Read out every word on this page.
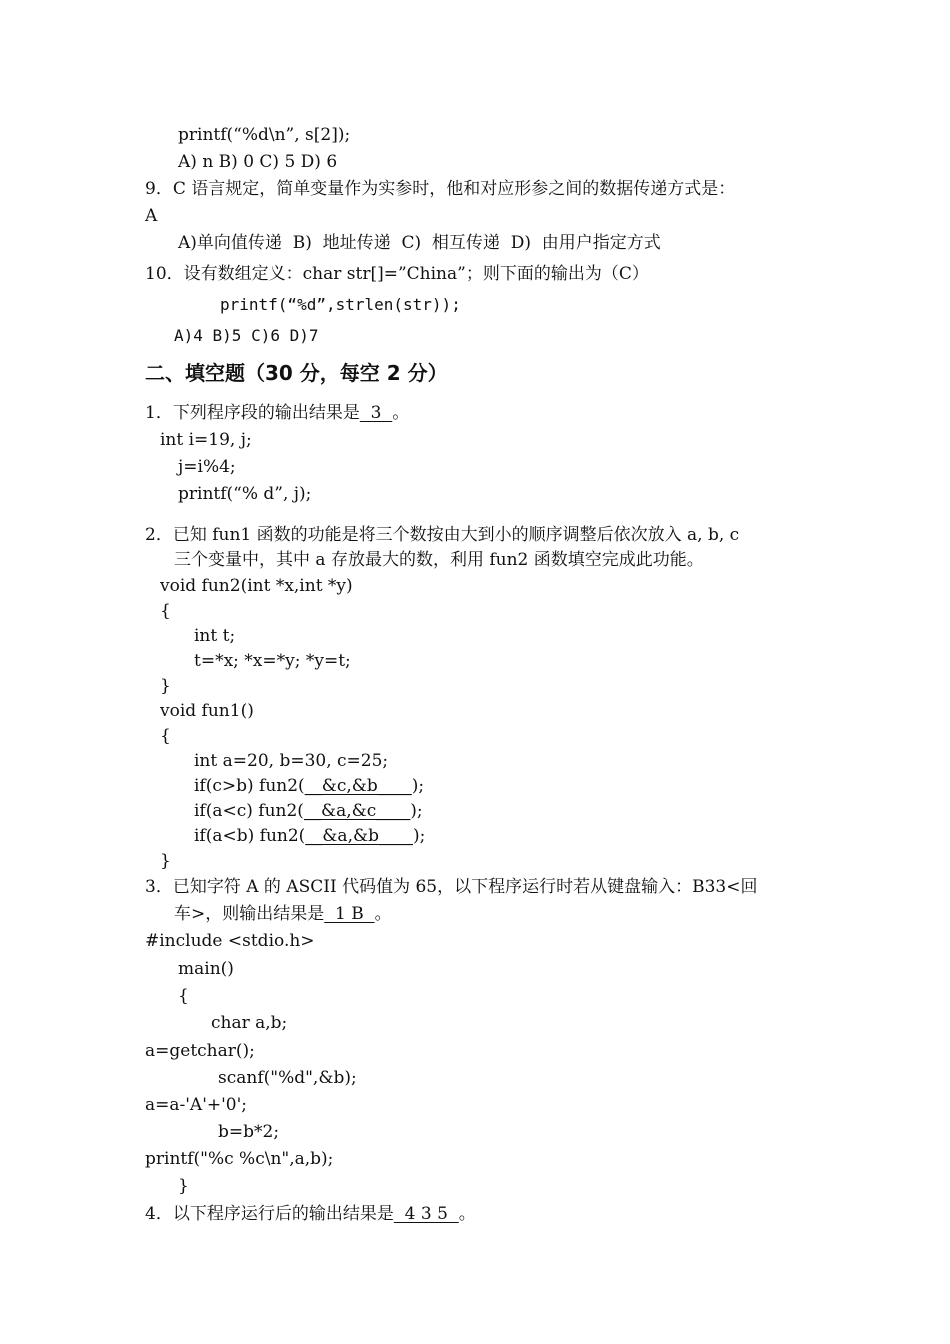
printf(“%d\n”, s[2]);
A) n B) 0 C) 5 D) 6
9．C 语言规定，简单变量作为实参时，他和对应形参之间的数据传递方式是：
A
A)单向值传递  B)  地址传递  C)  相互传递  D)  由用户指定方式
10．设有数组定义：char str[]=”China”；则下面的输出为（C）
printf(“%d”,strlen(str));
A)4 B)5 C)6 D)7
二、填空题（30 分，每空 2 分）
1．下列程序段的输出结果是  3  。
int i=19, j;
j=i%4;
printf(“% d”, j);
2．已知 fun1 函数的功能是将三个数按由大到小的顺序调整后依次放入 a, b, c
三个变量中，其中 a 存放最大的数，利用 fun2 函数填空完成此功能。
void fun2(int *x,int *y)
{
int t;
t=*x; *x=*y; *y=t;
}
void fun1()
{
int a=20, b=30, c=25;
if(c>b) fun2(__&c,&b____);
if(a<c) fun2(__&a,&c____);
if(a<b) fun2(__&a,&b____);
}
3．已知字符 A 的 ASCII 代码值为 65，以下程序运行时若从键盘输入：B33<回
车>，则输出结果是  1 B  。
#include <stdio.h>
main()
{
char a,b;
a=getchar();
scanf("%d",&b);
a=a-'A'+'0';
b=b*2;
printf("%c %c\n",a,b);
}
4．以下程序运行后的输出结果是  4 3 5  。
